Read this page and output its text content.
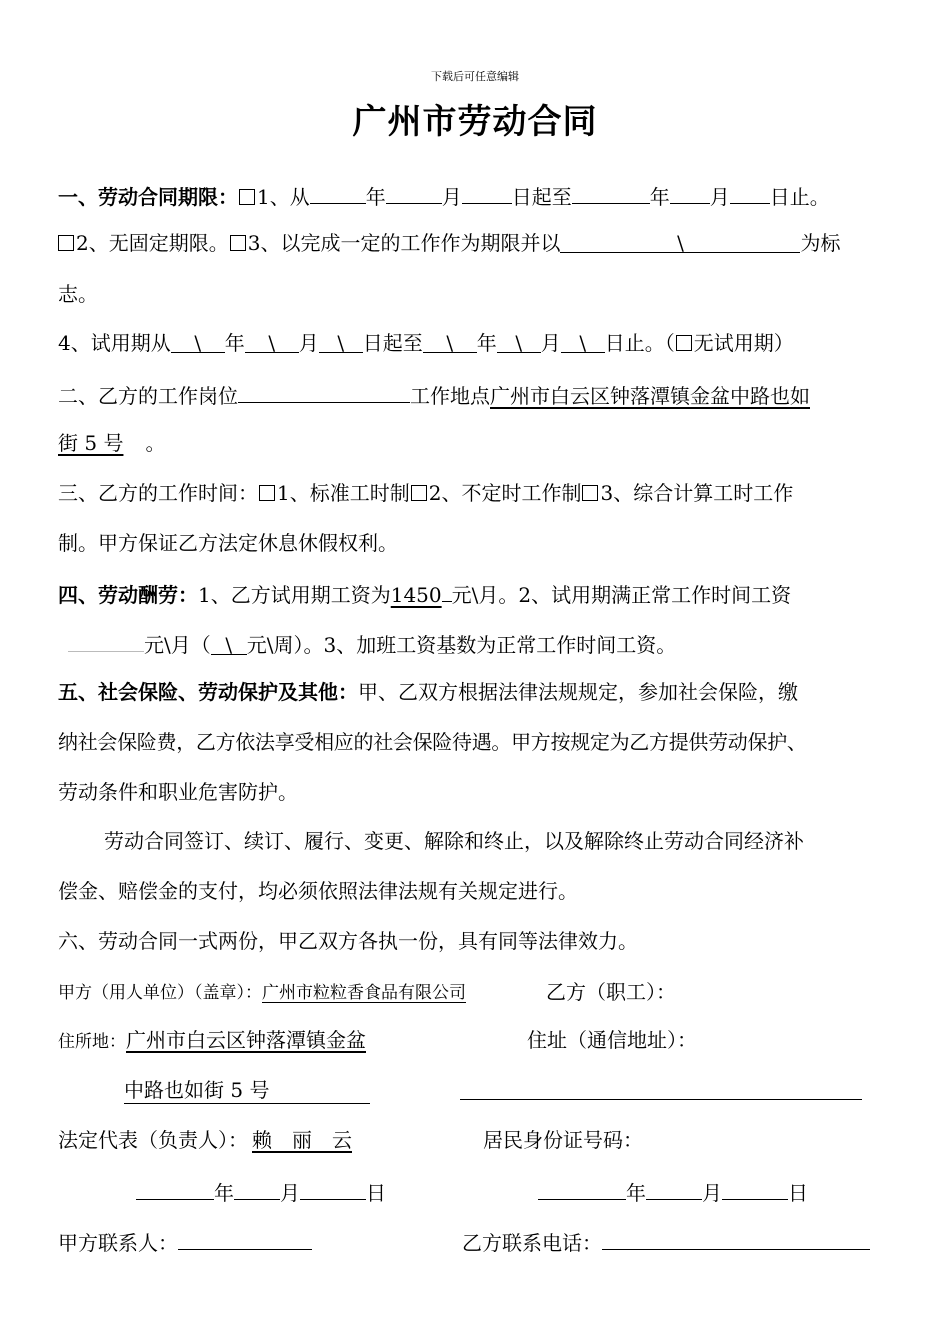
下载后可任意编辑
广州市劳动合同
一、劳动合同期限： 1、从	年	月	日起至	年 月 日止。
2、无固定期限。 3、以完成一定的工作作为期限并以	\	为标
志。
4、试用期从 \ 年 \ 月 \ 日起至 \ 年 \ 月 \ 日止。（ 无试用期）
二、乙方的工作岗位	工作地点广州市白云区钟落潭镇金盆中路也如
街 5 号 。
三、乙方的工作时间： 1、标准工时制 2、不定时工作制 3、综合计算工时工作
制。甲方保证乙方法定休息休假权利。
四、劳动酬劳：1、乙方试用期工资为1450 元\月。2、试用期满正常工作时间工资
元\月（ \ 元\周）。3、加班工资基数为正常工作时间工资。
五、社会保险、劳动保护及其他：甲、乙双方根据法律法规规定，参加社会保险，缴
纳社会保险费，乙方依法享受相应的社会保险待遇。甲方按规定为乙方提供劳动保护、
劳动条件和职业危害防护。
劳动合同签订、续订、履行、变更、解除和终止，以及解除终止劳动合同经济补
偿金、赔偿金的支付，均必须依照法律法规有关规定进行。
六、劳动合同一式两份，甲乙双方各执一份，具有同等法律效力。
甲方（用人单位）（盖章）：广州市粒粒香食品有限公司	乙方（职工）：
住所地：广州市白云区钟落潭镇金盆	住址（通信地址）：
中路也如街 5 号
法定代表（负责人）： 赖　丽　云	居民身份证号码：
年 月	日	年	月	日
甲方联系人：	乙方联系电话：
